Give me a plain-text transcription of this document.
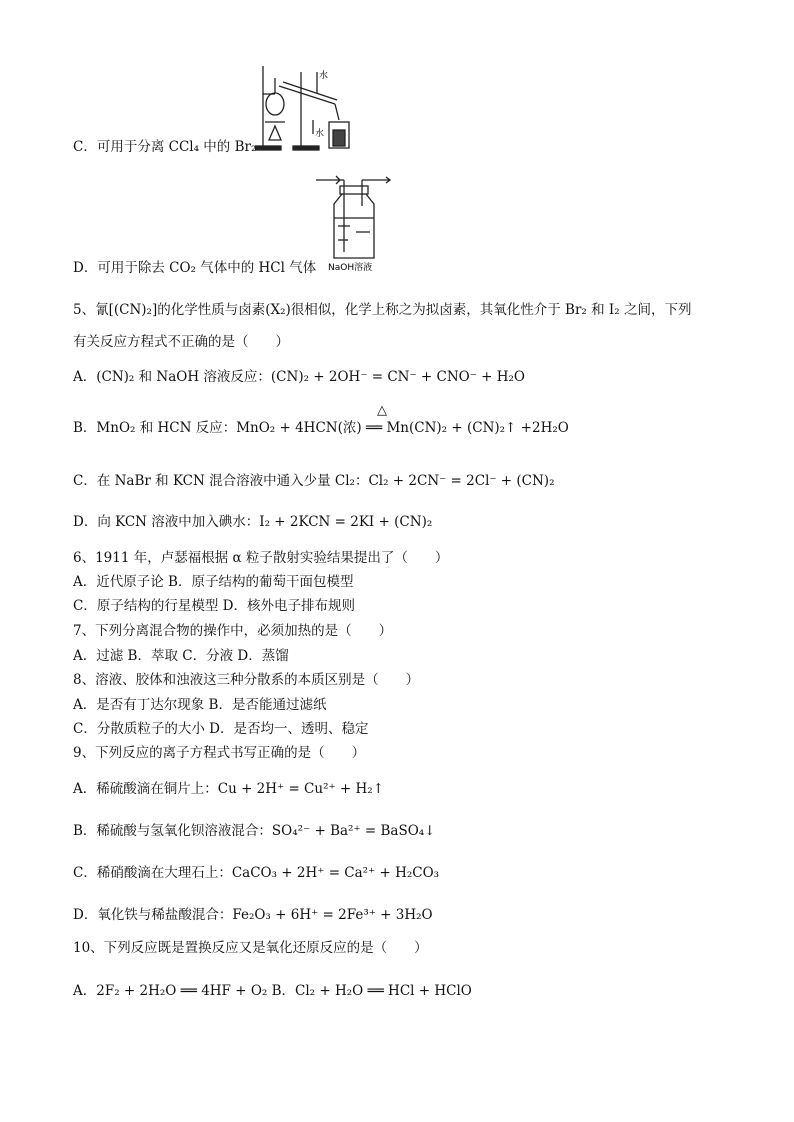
水
水
NaOH溶液
C．可用于分离 CCl₄ 中的 Br₂
D．可用于除去 CO₂ 气体中的 HCl 气体
5、氰[(CN)₂]的化学性质与卤素(X₂)很相似，化学上称之为拟卤素，其氧化性介于 Br₂ 和 I₂ 之间，下列
有关反应方程式不正确的是（　　）
A．(CN)₂ 和 NaOH 溶液反应：(CN)₂ + 2OH⁻ = CN⁻ + CNO⁻ + H₂O
△
B．MnO₂ 和 HCN 反应：MnO₂ + 4HCN(浓) ══ Mn(CN)₂ + (CN)₂↑ +2H₂O
C．在 NaBr 和 KCN 混合溶液中通入少量 Cl₂：Cl₂ + 2CN⁻ = 2Cl⁻ + (CN)₂
D．向 KCN 溶液中加入碘水：I₂ + 2KCN = 2KI + (CN)₂
6、1911 年，卢瑟福根据 α 粒子散射实验结果提出了（　　）
A．近代原子论 B．原子结构的葡萄干面包模型
C．原子结构的行星模型 D．核外电子排布规则
7、下列分离混合物的操作中，必须加热的是（　　）
A．过滤 B．萃取 C．分液 D．蒸馏
8、溶液、胶体和浊液这三种分散系的本质区别是（　　）
A．是否有丁达尔现象 B．是否能通过滤纸
C．分散质粒子的大小 D．是否均一、透明、稳定
9、下列反应的离子方程式书写正确的是（　　）
A．稀硫酸滴在铜片上：Cu + 2H⁺ = Cu²⁺ + H₂↑
B．稀硫酸与氢氧化钡溶液混合：SO₄²⁻ + Ba²⁺ = BaSO₄↓
C．稀硝酸滴在大理石上：CaCO₃ + 2H⁺ = Ca²⁺ + H₂CO₃
D．氧化铁与稀盐酸混合：Fe₂O₃ + 6H⁺ = 2Fe³⁺ + 3H₂O
10、下列反应既是置换反应又是氧化还原反应的是（　　）
A．2F₂ + 2H₂O ══ 4HF + O₂ B．Cl₂ + H₂O ══ HCl + HClO
